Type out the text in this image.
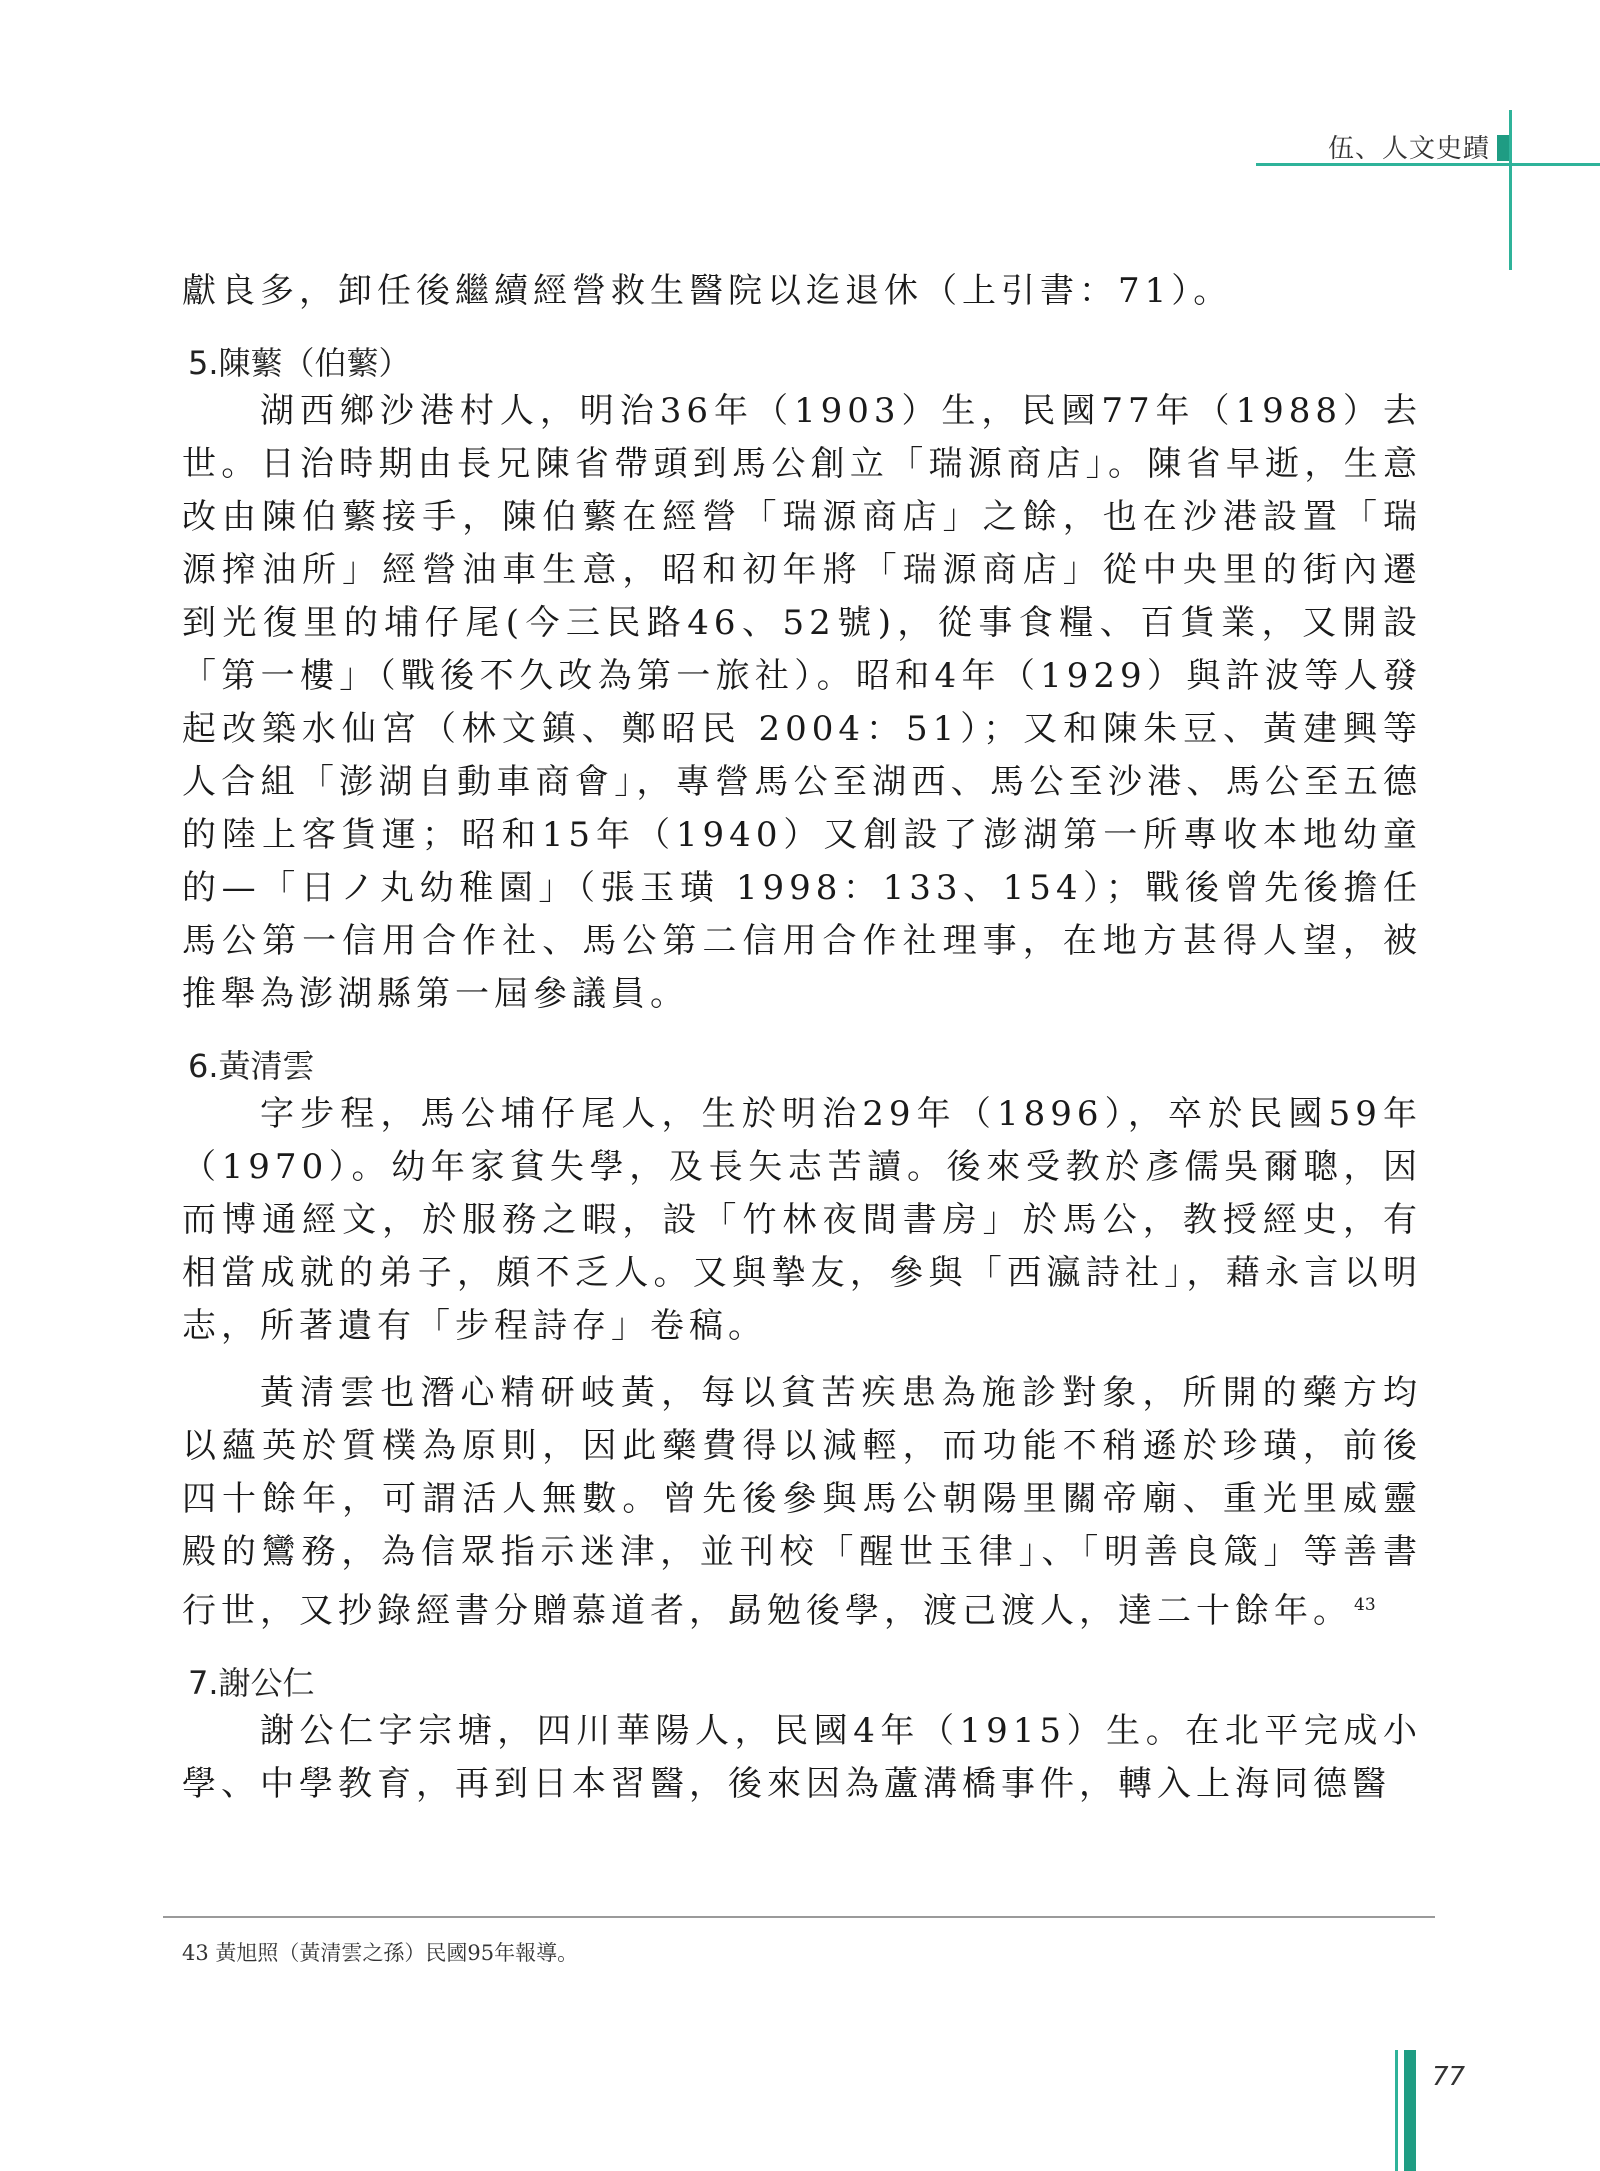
伍、人文史蹟

獻良多，卸任後繼續經營救生醫院以迄退休（上引書：71）。

5.陳蘩（伯蘩）

湖西鄉沙港村人，明治36年（1903）生，民國77年（1988）去世。日治時期由長兄陳省帶頭到馬公創立「瑞源商店」。陳省早逝，生意改由陳伯蘩接手，陳伯蘩在經營「瑞源商店」之餘，也在沙港設置「瑞源搾油所」經營油車生意，昭和初年將「瑞源商店」從中央里的街內遷到光復里的埔仔尾(今三民路46、52號)，從事食糧、百貨業，又開設「第一樓」（戰後不久改為第一旅社）。昭和4年（1929）與許波等人發起改築水仙宮（林文鎮、鄭昭民 2004：51）；又和陳朱豆、黃建興等人合組「澎湖自動車商會」，專營馬公至湖西、馬公至沙港、馬公至五德的陸上客貨運；昭和15年（1940）又創設了澎湖第一所專收本地幼童的—「日ノ丸幼稚園」（張玉璜 1998：133、154）；戰後曾先後擔任馬公第一信用合作社、馬公第二信用合作社理事，在地方甚得人望，被推舉為澎湖縣第一屆參議員。

6.黃清雲

字步程，馬公埔仔尾人，生於明治29年（1896），卒於民國59年（1970）。幼年家貧失學，及長矢志苦讀。後來受教於彥儒吳爾聰，因而博通經文，於服務之暇，設「竹林夜間書房」於馬公，教授經史，有相當成就的弟子，頗不乏人。又與摯友，參與「西瀛詩社」，藉永言以明志，所著遺有「步程詩存」卷稿。

黃清雲也潛心精研岐黃，每以貧苦疾患為施診對象，所開的藥方均以蘊英於質樸為原則，因此藥費得以減輕，而功能不稍遜於珍璜，前後四十餘年，可謂活人無數。曾先後參與馬公朝陽里關帝廟、重光里威靈殿的鸞務，為信眾指示迷津，並刊校「醒世玉律」、「明善良箴」等善書行世，又抄錄經書分贈慕道者，勗勉後學，渡己渡人，達二十餘年。 $^{43}$

7.謝公仁

謝公仁字宗塘，四川華陽人，民國4年（1915）生。在北平完成小學、中學教育，再到日本習醫，後來因為蘆溝橋事件，轉入上海同德醫

43 黃旭照（黃清雲之孫）民國95年報導。
77
